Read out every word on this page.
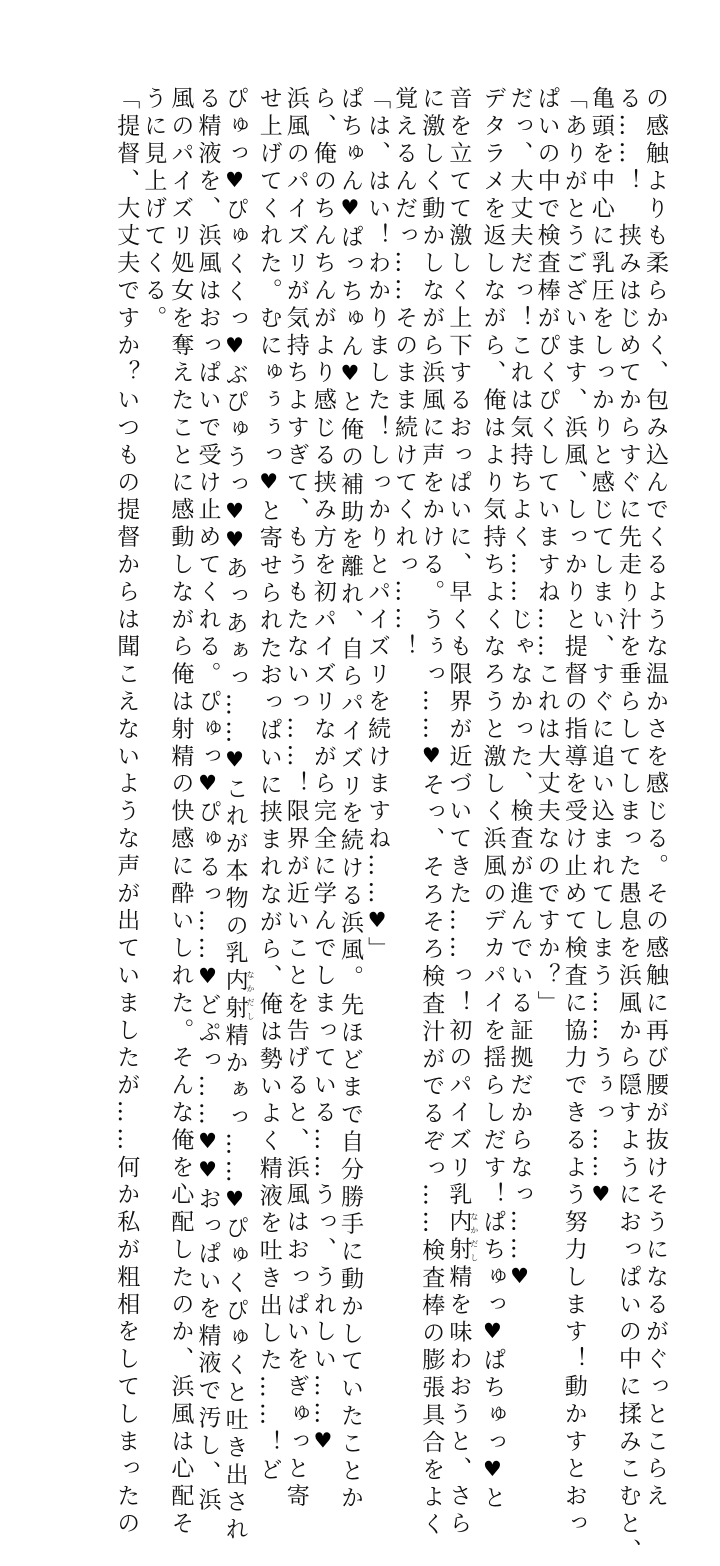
の感触よりも柔らかく、包み込んでくるような温かさを感じる。その感触に再び腰が抜けそうになるがぐっとこらえ
る……！　挟みはじめてからすぐに先走り汁を垂らしてしまった愚息を浜風から隠すようにおっぱいの中に揉みこむと、
亀頭を中心に乳圧をしっかりと感じてしまい、すぐに追い込まれてしまう……うぅっ……♥
「ありがとうございます、浜風、しっかりと提督の指導を受け止めて検査に協力できるよう努力します！動かすとおっ
ぱいの中で検査棒がぴくぴくしていますね……これは大丈夫なのですか？」
だっ、大丈夫だっ！これは気持ちよく……じゃなかった、検査が進んでいる証拠だからなっ……♥
デタラメを返しながら、俺はより気持ちよくなろうと激しく浜風のデカパイを揺らしだす！ぱちゅっ♥ぱちゅっ♥と
音を立てて激しく上下するおっぱいに、早くも限界が近づいてきた……っ！初のパイズリ乳内射なかだし精を味わおうと、さら
に激しく動かしながら浜風に声をかける。うぅっ……♥そっ、そろそろ検査汁がでるぞっ……検査棒の膨張具合をよく
覚えるんだっ……そのまま続けてくれっ……！
「は、はい！わかりました！しっかりとパイズリを続けますね……♥」
ぱちゅん♥ぱっちゅん♥と俺の補助を離れ、自らパイズリを続ける浜風。先ほどまで自分勝手に動かしていたことか
ら、俺のちんちんがより感じる挟み方を初パイズリながら完全に学んでしまっている……うっ、うれしい……♥
浜風のパイズリが気持ちよすぎて、もうもたないっ……！限界が近いことを告げると、浜風はおっぱいをぎゅっと寄
せ上げてくれた。むにゅぅぅっ♥と寄せられたおっぱいに挟まれながら、俺は勢いよく精液を吐き出した……！ど
ぴゅっ♥ぴゅくくっ♥ぶぴゅうっ♥♥あっあぁっ……♥これが本物の乳内射なかだし精かぁっ……♥ぴゅくぴゅくと吐き出され
る精液を、浜風はおっぱいで受け止めてくれる。ぴゅっ♥ぴゅるっ……♥どぷっ……♥♥おっぱいを精液で汚し、浜
風のパイズリ処女を奪えたことに感動しながら俺は射精の快感に酔いしれた。そんな俺を心配したのか、浜風は心配そ
うに見上げてくる。
「提督、大丈夫ですか？いつもの提督からは聞こえないような声が出ていましたが……何か私が粗相をしてしまったの
